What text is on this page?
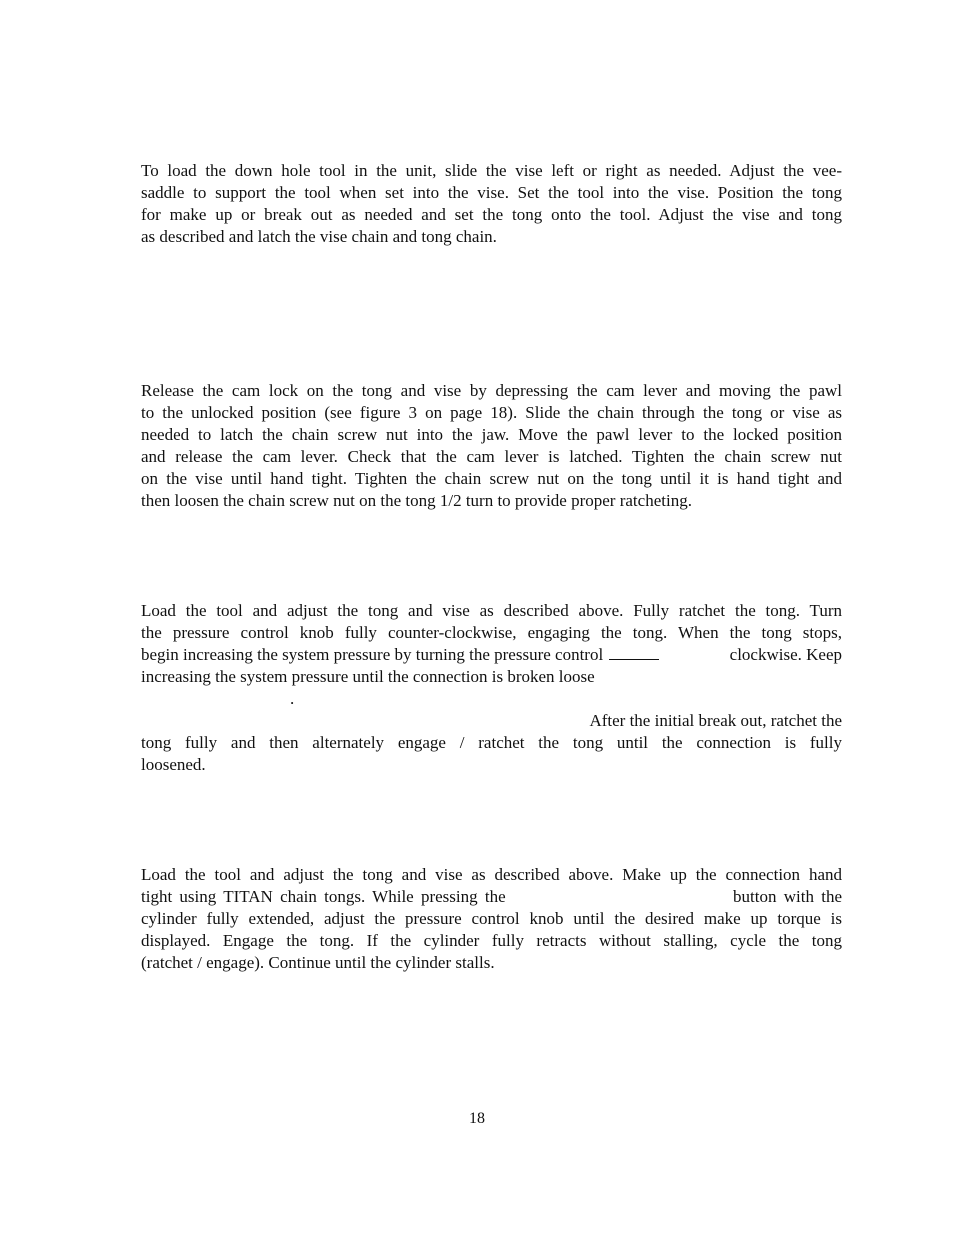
To load the down hole tool in the unit, slide the vise left or right as needed. Adjust the vee-
saddle to support the tool when set into the vise. Set the tool into the vise. Position the tong
for make up or break out as needed and set the tong onto the tool. Adjust the vise and tong
as described and latch the vise chain and tong chain.
Release the cam lock on the tong and vise by depressing the cam lever and moving the pawl
to the unlocked position (see figure 3 on page 18). Slide the chain through the tong or vise as
needed to latch the chain screw nut into the jaw. Move the pawl lever to the locked position
and release the cam lever. Check that the cam lever is latched. Tighten the chain screw nut
on the vise until hand tight. Tighten the chain screw nut on the tong until it is hand tight and
then loosen the chain screw nut on the tong 1/2 turn to provide proper ratcheting.
Load the tool and adjust the tong and vise as described above. Fully ratchet the tong. Turn
the pressure control knob fully counter-clockwise, engaging the tong. When the tong stops,
begin increasing the system pressure by turning the pressure control	clockwise. Keep
increasing the system pressure until the connection is broken loose
.
After the initial break out, ratchet the
tong fully and then alternately engage / ratchet the tong until the connection is fully
loosened.
Load the tool and adjust the tong and vise as described above. Make up the connection hand
tight using TITAN chain tongs. While pressing the	button with the
cylinder fully extended, adjust the pressure control knob until the desired make up torque is
displayed. Engage the tong. If the cylinder fully retracts without stalling, cycle the tong
(ratchet / engage). Continue until the cylinder stalls.
18
